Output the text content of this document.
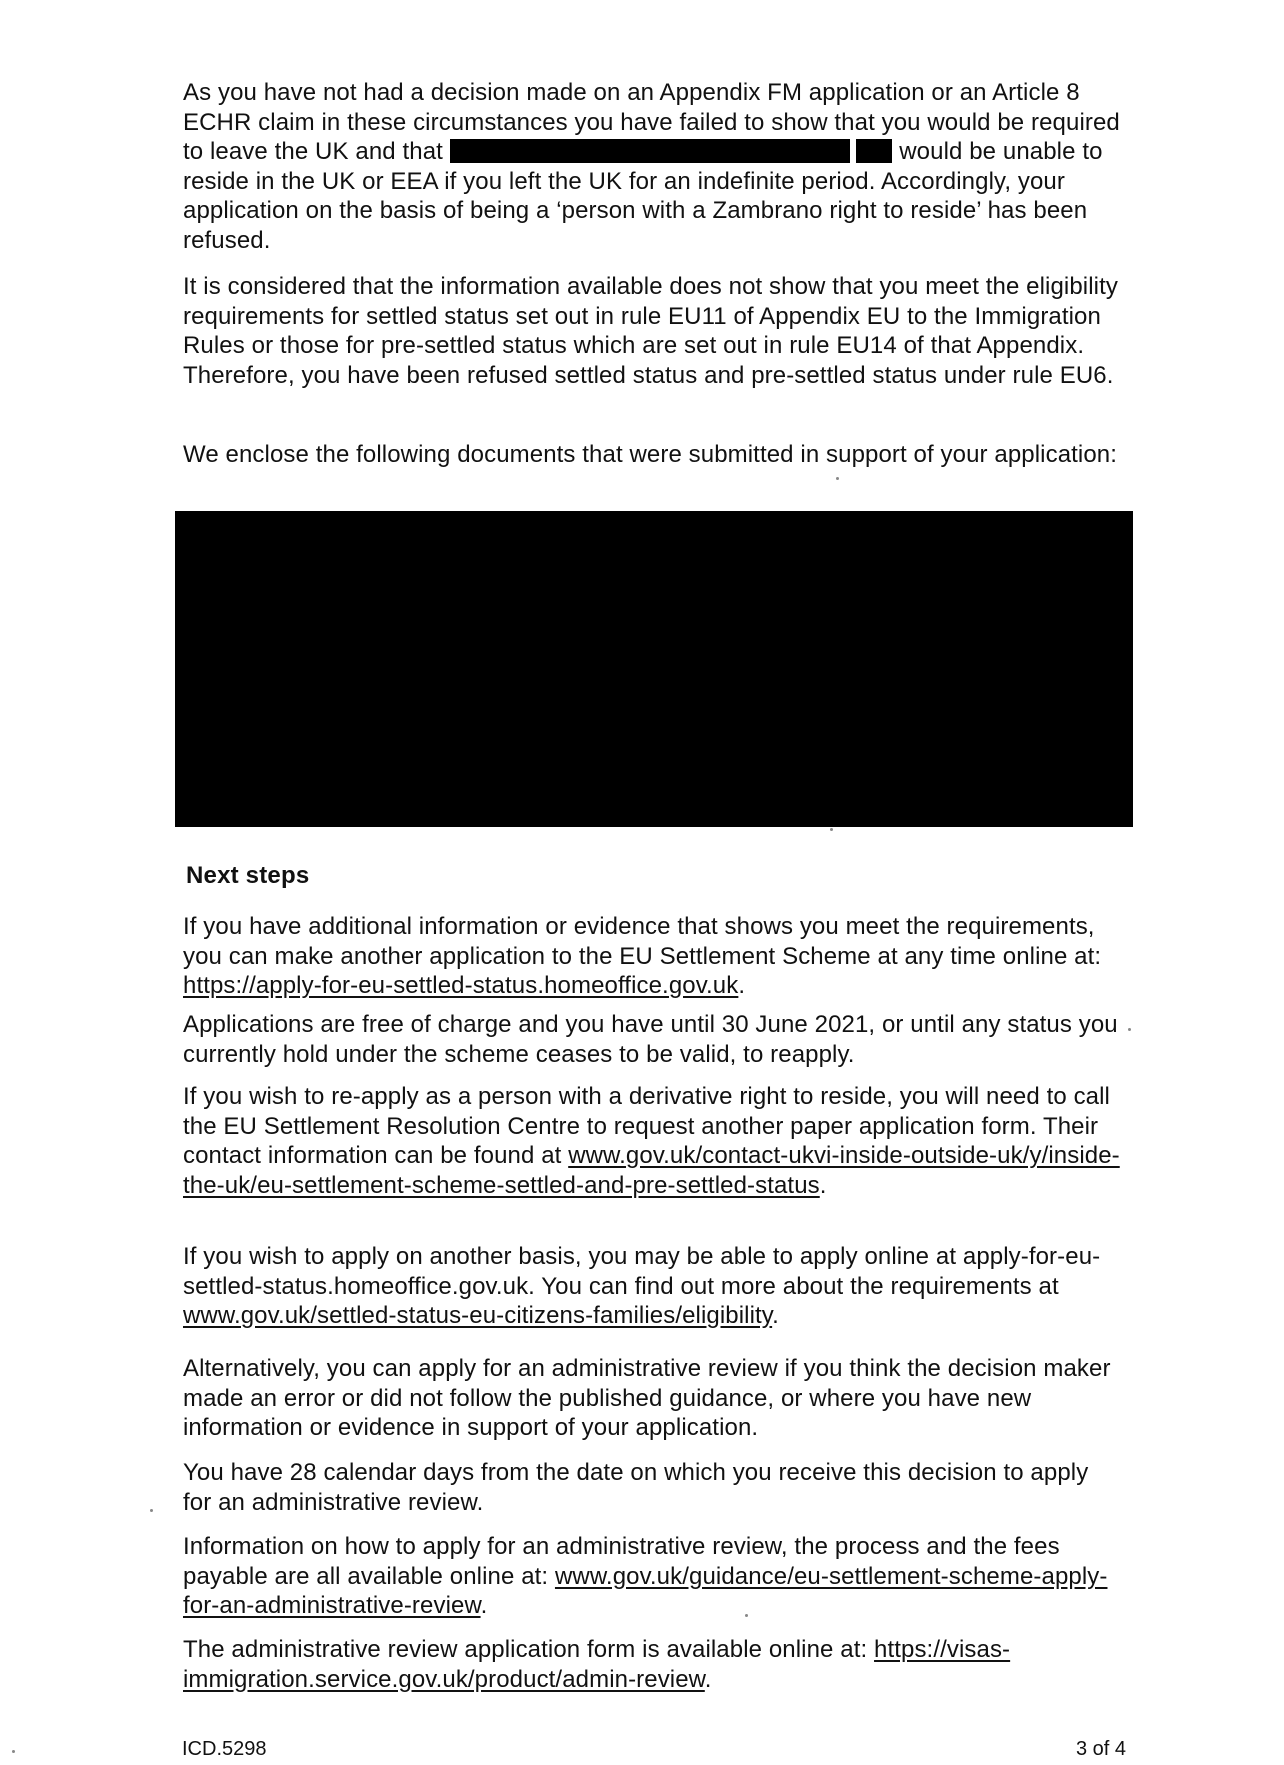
As you have not had a decision made on an Appendix FM application or an Article 8 ECHR claim in these circumstances you have failed to show that you would be required to leave the UK and that	would be unable to reside in the UK or EEA if you left the UK for an indefinite period. Accordingly, your application on the basis of being a ‘person with a Zambrano right to reside’ has been refused.
It is considered that the information available does not show that you meet the eligibility requirements for settled status set out in rule EU11 of Appendix EU to the Immigration Rules or those for pre-settled status which are set out in rule EU14 of that Appendix. Therefore, you have been refused settled status and pre-settled status under rule EU6.
We enclose the following documents that were submitted in support of your application:
Next steps
If you have additional information or evidence that shows you meet the requirements, you can make another application to the EU Settlement Scheme at any time online at: https://apply-for-eu-settled-status.homeoffice.gov.uk.
Applications are free of charge and you have until 30 June 2021, or until any status you currently hold under the scheme ceases to be valid, to reapply.
If you wish to re-apply as a person with a derivative right to reside, you will need to call the EU Settlement Resolution Centre to request another paper application form. Their contact information can be found at www.gov.uk/contact-ukvi-inside-outside-uk/y/inside-the-uk/eu-settlement-scheme-settled-and-pre-settled-status.
If you wish to apply on another basis, you may be able to apply online at apply-for-eu-settled-status.homeoffice.gov.uk. You can find out more about the requirements at www.gov.uk/settled-status-eu-citizens-families/eligibility.
Alternatively, you can apply for an administrative review if you think the decision maker made an error or did not follow the published guidance, or where you have new information or evidence in support of your application.
You have 28 calendar days from the date on which you receive this decision to apply for an administrative review.
Information on how to apply for an administrative review, the process and the fees payable are all available online at: www.gov.uk/guidance/eu-settlement-scheme-apply-for-an-administrative-review.
The administrative review application form is available online at: https://visas-immigration.service.gov.uk/product/admin-review.
ICD.5298	3 of 4
